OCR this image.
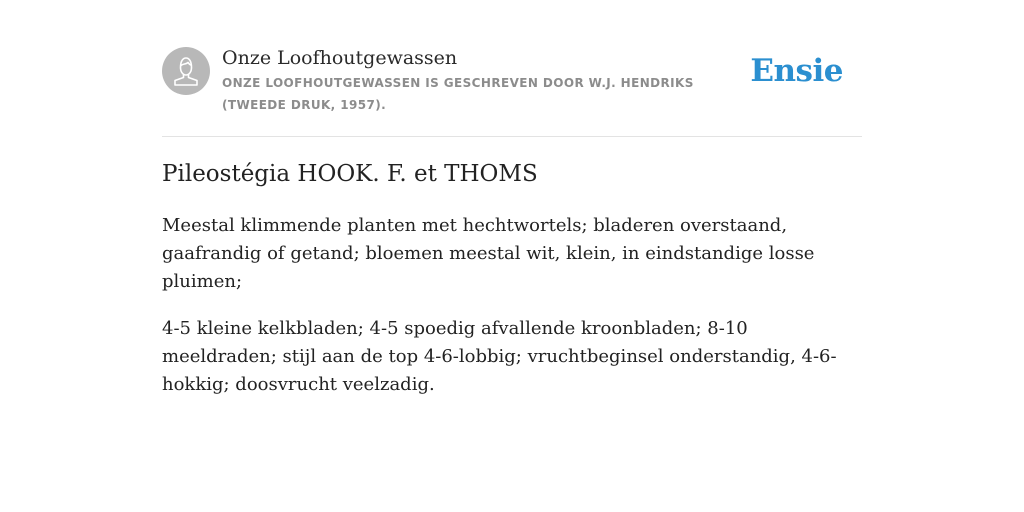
Onze Loofhoutgewassen
ONZE LOOFHOUTGEWASSEN IS GESCHREVEN DOOR W.J. HENDRIKS (TWEEDE DRUK, 1957).
Ensie
Pileostégia HOOK. F. et THOMS

Meestal klimmende planten met hechtwortels; bladeren overstaand, gaafrandig of getand; bloemen meestal wit, klein, in eindstandige losse pluimen;

4-5 kleine kelkbladen; 4-5 spoedig afvallende kroonbladen; 8-10 meeldraden; stijl aan de top 4-6-lobbig; vruchtbeginsel onderstandig, 4-6-hokkig; doosvrucht veelzadig.
